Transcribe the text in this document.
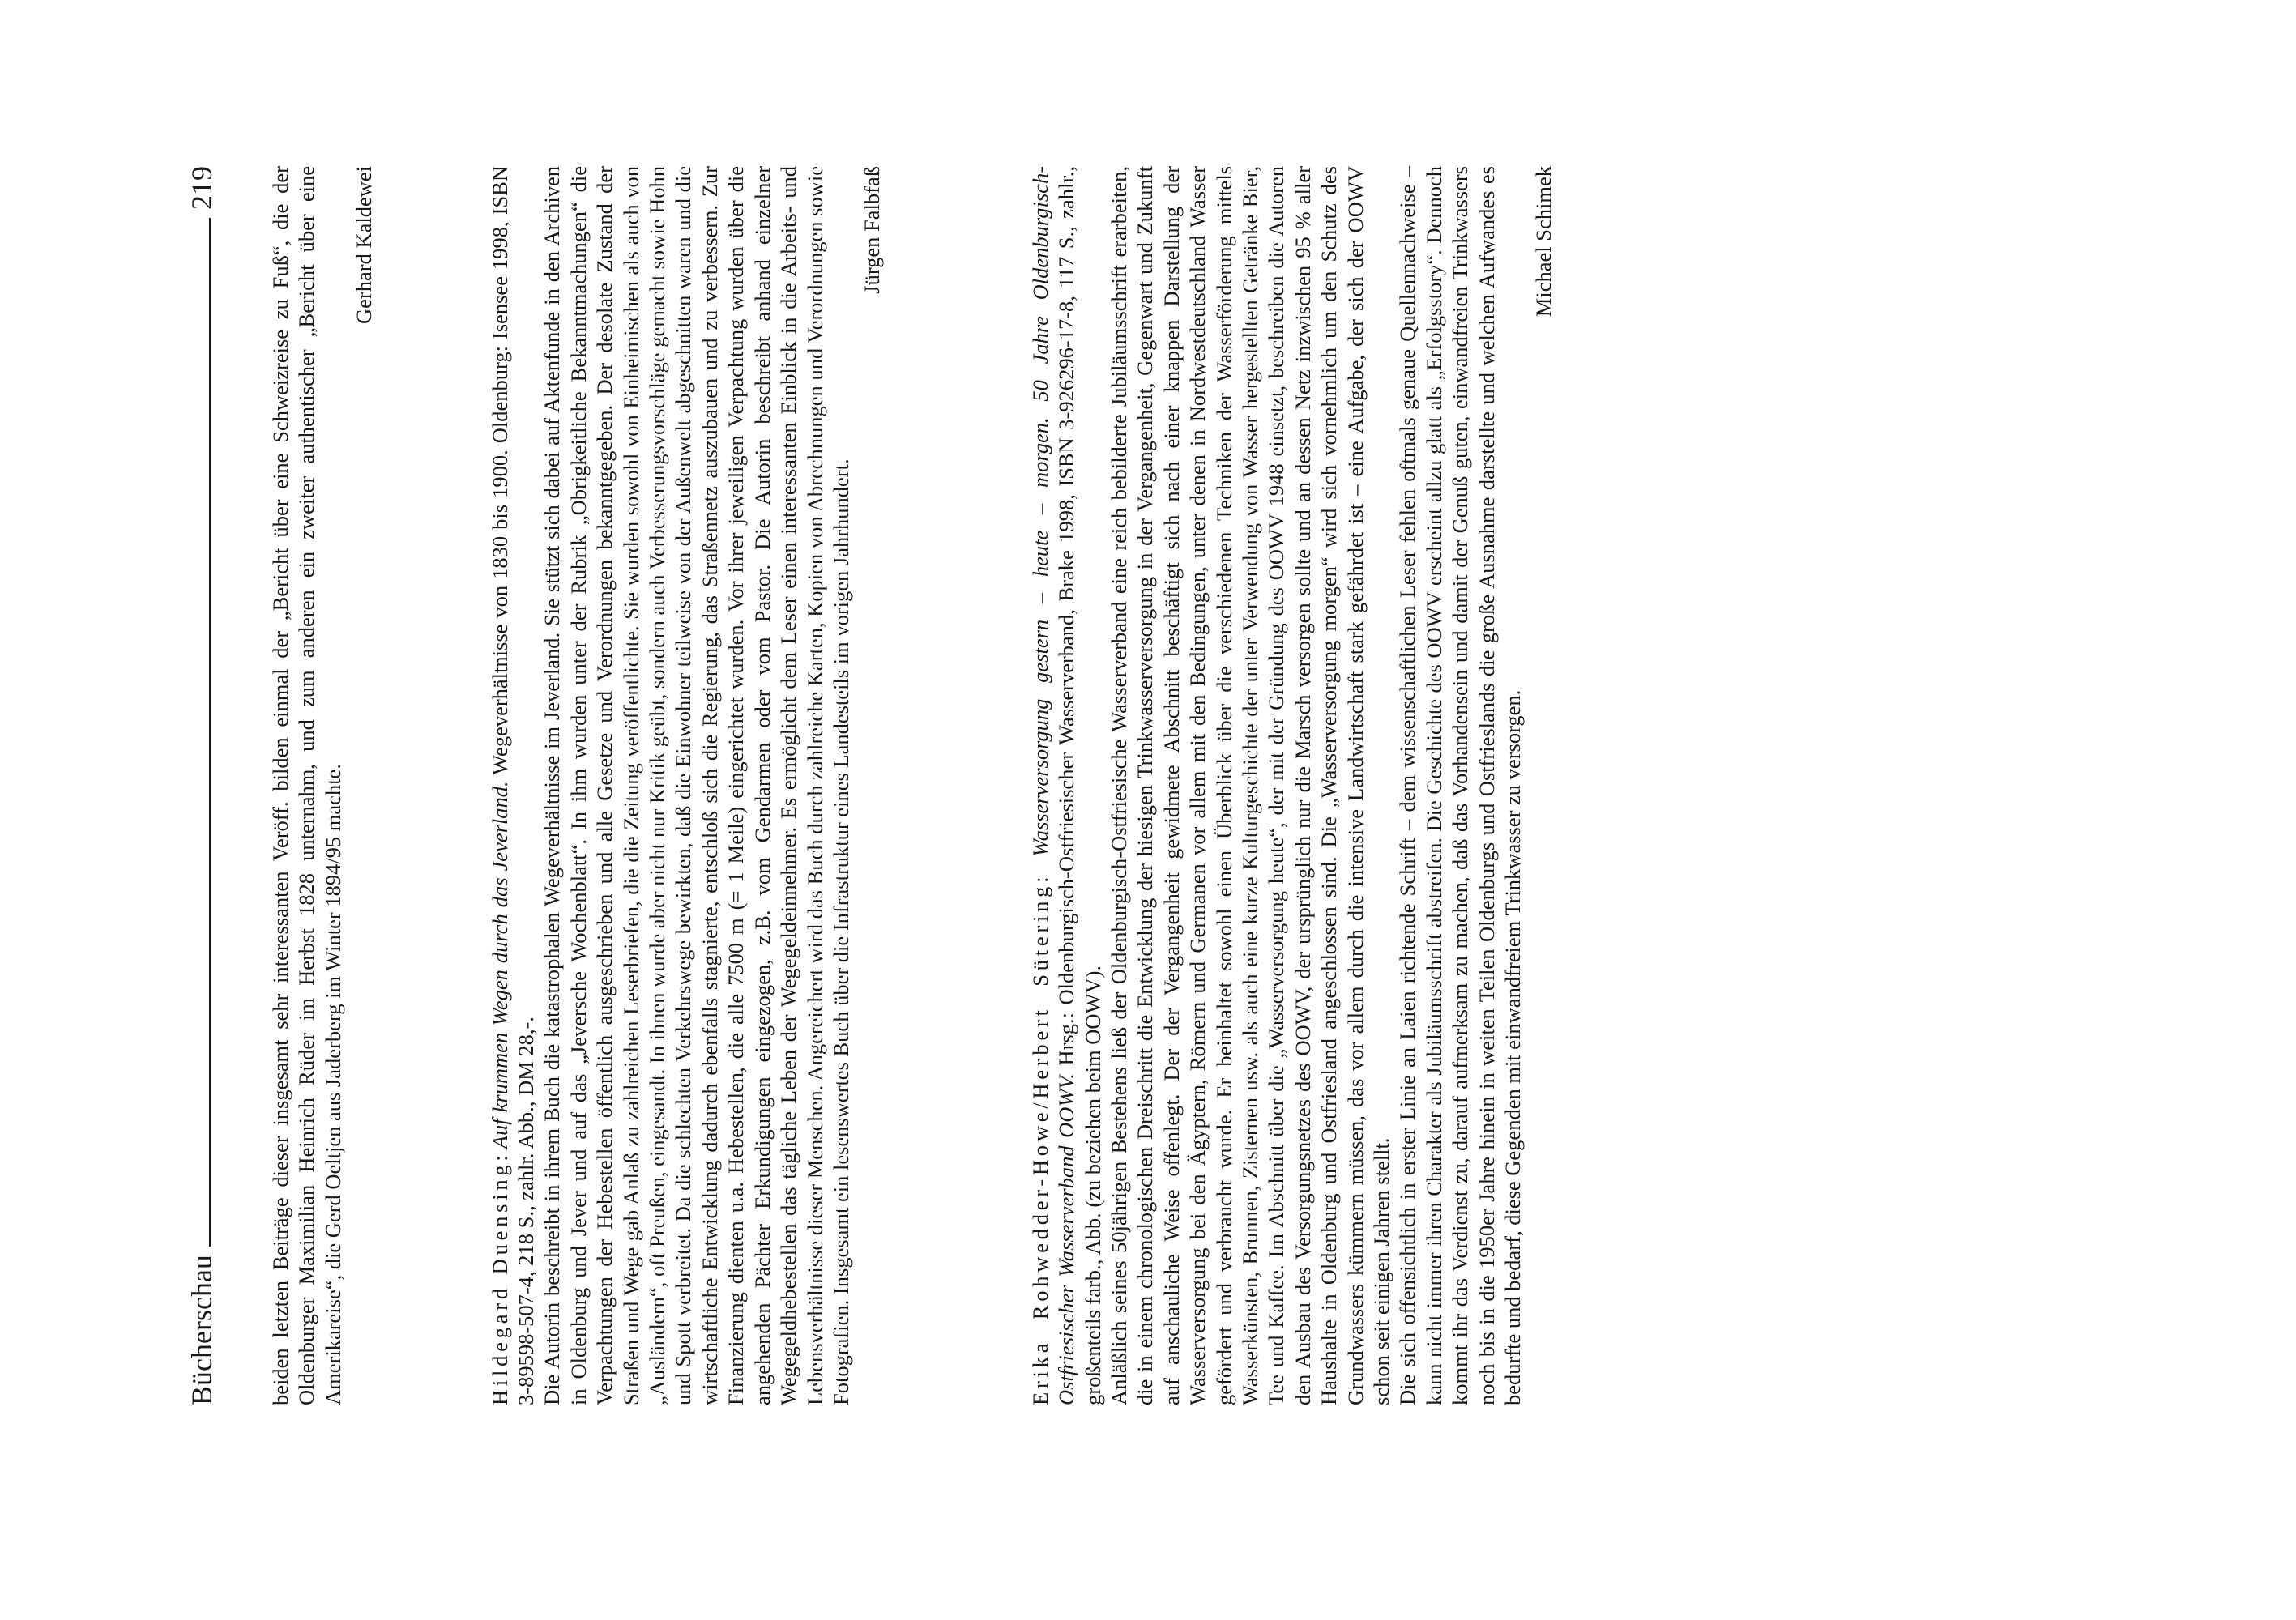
Bücherschau
219 beiden letzten Beiträge dieser insgesamt sehr interessanten Veröff. bilden einmal der „Bericht über eine Schweizreise zu Fuß“, die der Oldenburger Maximilian Heinrich Rüder im Herbst 1828 unternahm, und zum anderen ein zweiter authentischer „Bericht über eine Amerikareise“, die Gerd Oeltjen aus Jaderberg im Winter 1894/95 machte.

Gerhard Kaldewei

Hildegard Duensing: Auf krummen Wegen durch das Jeverland. Wegeverhältnisse von 1830 bis 1900. Oldenburg: Isensee 1998, ISBN 3-89598-507-4, 218 S., zahlr. Abb., DM 28,-. Die Autorin beschreibt in ihrem Buch die katastrophalen Wegeverhältnisse im Jeverland. Sie stützt sich dabei auf Aktenfunde in den Archiven in Oldenburg und Jever und auf das „Jeversche Wochenblatt“. In ihm wurden unter der Rubrik „Obrigkeitliche Bekanntmachungen“ die Verpachtungen der Hebestellen öffentlich ausgeschrieben und alle Gesetze und Verordnungen bekanntgegeben. Der desolate Zustand der Straßen und Wege gab Anlaß zu zahlreichen Leserbriefen, die die Zeitung veröffentlichte. Sie wurden sowohl von Einheimischen als auch von „Ausländern“, oft Preußen, eingesandt. In ihnen wurde aber nicht nur Kritik geübt, sondern auch Verbesserungsvorschläge gemacht sowie Hohn und Spott verbreitet. Da die schlechten Verkehrswege bewirkten, daß die Einwohner teilweise von der Außenwelt abgeschnitten waren und die wirtschaftliche Entwicklung dadurch ebenfalls stagnierte, entschloß sich die Regierung, das Straßennetz auszubauen und zu verbessern. Zur Finanzierung dienten u.a. Hebestellen, die alle 7500 m (= 1 Meile) eingerichtet wurden. Vor ihrer jeweiligen Verpachtung wurden über die angehenden Pächter Erkundigungen eingezogen, z.B. vom Gendarmen oder vom Pastor. Die Autorin beschreibt anhand einzelner Wegegeldhebestellen das tägliche Leben der Wegegeldeinnehmer. Es ermöglicht dem Leser einen interessanten Einblick in die Arbeits- und Lebensverhältnisse dieser Menschen. Angereichert wird das Buch durch zahlreiche Karten, Kopien von Abrechnungen und Verordnungen sowie Fotografien. Insgesamt ein lesenswertes Buch über die Infrastruktur eines Landesteils im vorigen Jahrhundert.

Jürgen Falbfaß

Erika Rohwedder-Howe/Herbert Sütering: Wasserversorgung gestern – heute – morgen. 50 Jahre Oldenburgisch-Ostfriesischer Wasserverband OOWV. Hrsg.: Oldenburgisch-Ostfriesischer Wasserverband, Brake 1998, ISBN 3-926296-17-8, 117 S., zahlr., großenteils farb., Abb. (zu beziehen beim OOWV). Anläßlich seines 50jährigen Bestehens ließ der Oldenburgisch-Ostfriesische Wasserverband eine reich bebilderte Jubiläumsschrift erarbeiten, die in einem chronologischen Dreischritt die Entwicklung der hiesigen Trinkwasserversorgung in der Vergangenheit, Gegenwart und Zukunft auf anschauliche Weise offenlegt. Der der Vergangenheit gewidmete Abschnitt beschäftigt sich nach einer knappen Darstellung der Wasserversorgung bei den Ägyptern, Römern und Germanen vor allem mit den Bedingungen, unter denen in Nordwestdeutschland Wasser gefördert und verbraucht wurde. Er beinhaltet sowohl einen Überblick über die verschiedenen Techniken der Wasserförderung mittels Wasserkünsten, Brunnen, Zisternen usw. als auch eine kurze Kulturgeschichte der unter Verwendung von Wasser hergestellten Getränke Bier, Tee und Kaffee. Im Abschnitt über die „Wasserversorgung heute“, der mit der Gründung des OOWV 1948 einsetzt, beschreiben die Autoren den Ausbau des Versorgungsnetzes des OOWV, der ursprünglich nur die Marsch versorgen sollte und an dessen Netz inzwischen 95 % aller Haushalte in Oldenburg und Ostfriesland angeschlossen sind. Die „Wasserversorgung morgen“ wird sich vornehmlich um den Schutz des Grundwassers kümmern müssen, das vor allem durch die intensive Landwirtschaft stark gefährdet ist – eine Aufgabe, der sich der OOWV schon seit einigen Jahren stellt. Die sich offensichtlich in erster Linie an Laien richtende Schrift – dem wissenschaftlichen Leser fehlen oftmals genaue Quellennachweise – kann nicht immer ihren Charakter als Jubiläumsschrift abstreifen. Die Geschichte des OOWV erscheint allzu glatt als „Erfolgsstory“. Dennoch kommt ihr das Verdienst zu, darauf aufmerksam zu machen, daß das Vorhandensein und damit der Genuß guten, einwandfreien Trinkwassers noch bis in die 1950er Jahre hinein in weiten Teilen Oldenburgs und Ostfrieslands die große Ausnahme darstellte und welchen Aufwandes es bedurfte und bedarf, diese Gegenden mit einwandfreiem Trinkwasser zu versorgen.

Michael Schimek
